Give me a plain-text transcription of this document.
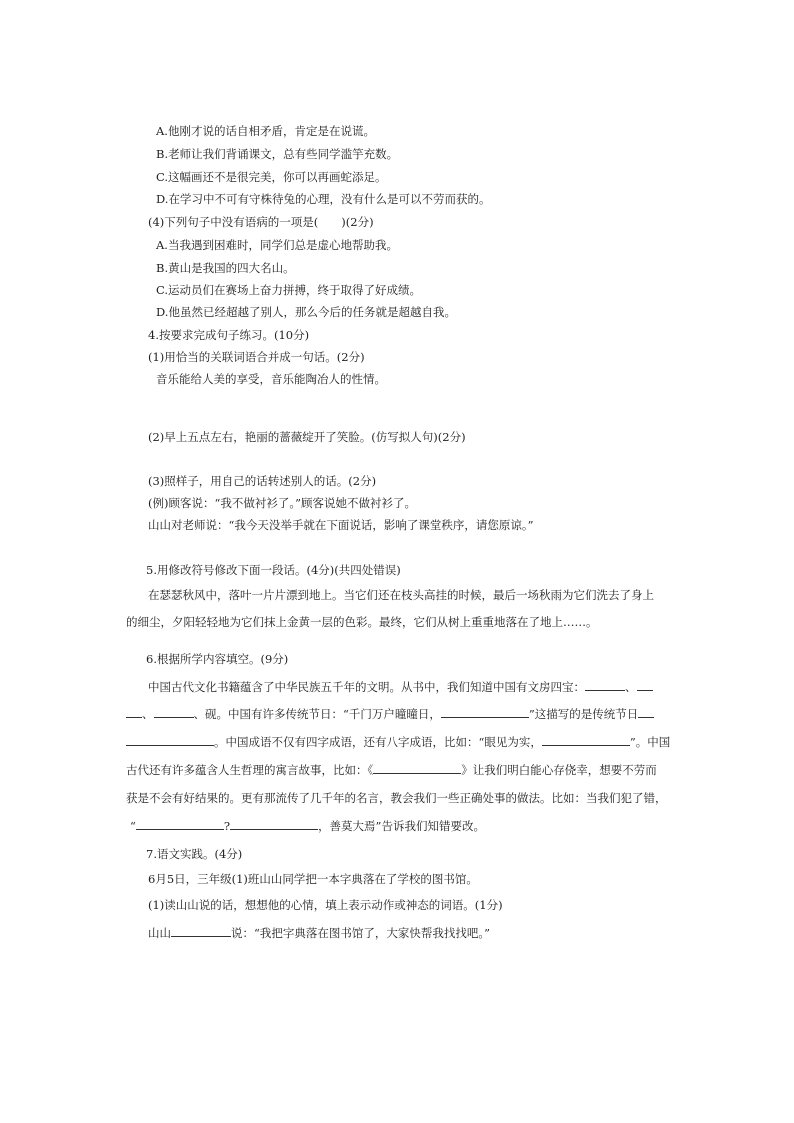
A.他刚才说的话自相矛盾，肯定是在说谎。
B.老师让我们背诵课文，总有些同学滥竽充数。
C.这幅画还不是很完美，你可以再画蛇添足。
D.在学习中不可有守株待兔的心理，没有什么是可以不劳而获的。
(4)下列句子中没有语病的一项是(　　)(2分)
A.当我遇到困难时，同学们总是虚心地帮助我。
B.黄山是我国的四大名山。
C.运动员们在赛场上奋力拼搏，终于取得了好成绩。
D.他虽然已经超越了别人，那么今后的任务就是超越自我。
4.按要求完成句子练习。(10分)
(1)用恰当的关联词语合并成一句话。(2分)
音乐能给人美的享受，音乐能陶冶人的性情。
(2)早上五点左右，艳丽的蔷薇绽开了笑脸。(仿写拟人句)(2分)
(3)照样子，用自己的话转述别人的话。(2分)
(例)顾客说：“我不做衬衫了。”顾客说她不做衬衫了。
山山对老师说：“我今天没举手就在下面说话，影响了课堂秩序，请您原谅。”
5.用修改符号修改下面一段话。(4分)(共四处错误)
在瑟瑟秋风中，落叶一片片漂到地上。当它们还在枝头高挂的时候，最后一场秋雨为它们洗去了身上
的细尘，夕阳轻轻地为它们抹上金黄一层的色彩。最终，它们从树上重重地落在了地上……。
6.根据所学内容填空。(9分)
中国古代文化书籍蕴含了中华民族五千年的文明。从书中，我们知道中国有文房四宝：	、
、	、砚。中国有许多传统节日：“千门万户曈曈日，	”这描写的是传统节日
。中国成语不仅有四字成语，还有八字成语，比如：“眼见为实，	”。中国
古代还有许多蕴含人生哲理的寓言故事，比如：《	》让我们明白能心存侥幸，想要不劳而
获是不会有好结果的。更有那流传了几千年的名言，教会我们一些正确处事的做法。比如：当我们犯了错，
“	?	，善莫大焉”告诉我们知错要改。
7.语文实践。(4分)
6月5日，三年级(1)班山山同学把一本字典落在了学校的图书馆。
(1)读山山说的话，想想他的心情，填上表示动作或神态的词语。(1分)
山山	说：“我把字典落在图书馆了，大家快帮我找找吧。”
